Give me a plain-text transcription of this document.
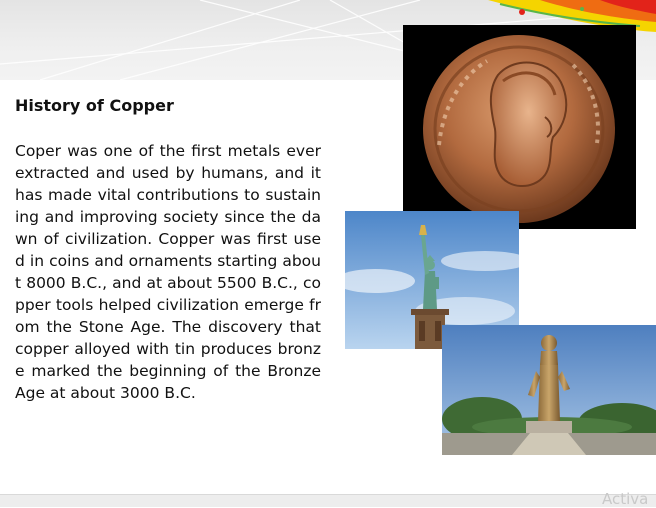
History of Copper

Coper was one of the first metals ever extracted and used by humans, and it has made vital contributions to sustaining and improving society since the dawn of civilization. Copper was first used in coins and ornaments starting about 8000 B.C., and at about 5500 B.C., copper tools helped civilization emerge from the Stone Age. The discovery that copper alloyed with tin produces bronze marked the beginning of the Bronze Age at about 3000 B.C.

Activa
